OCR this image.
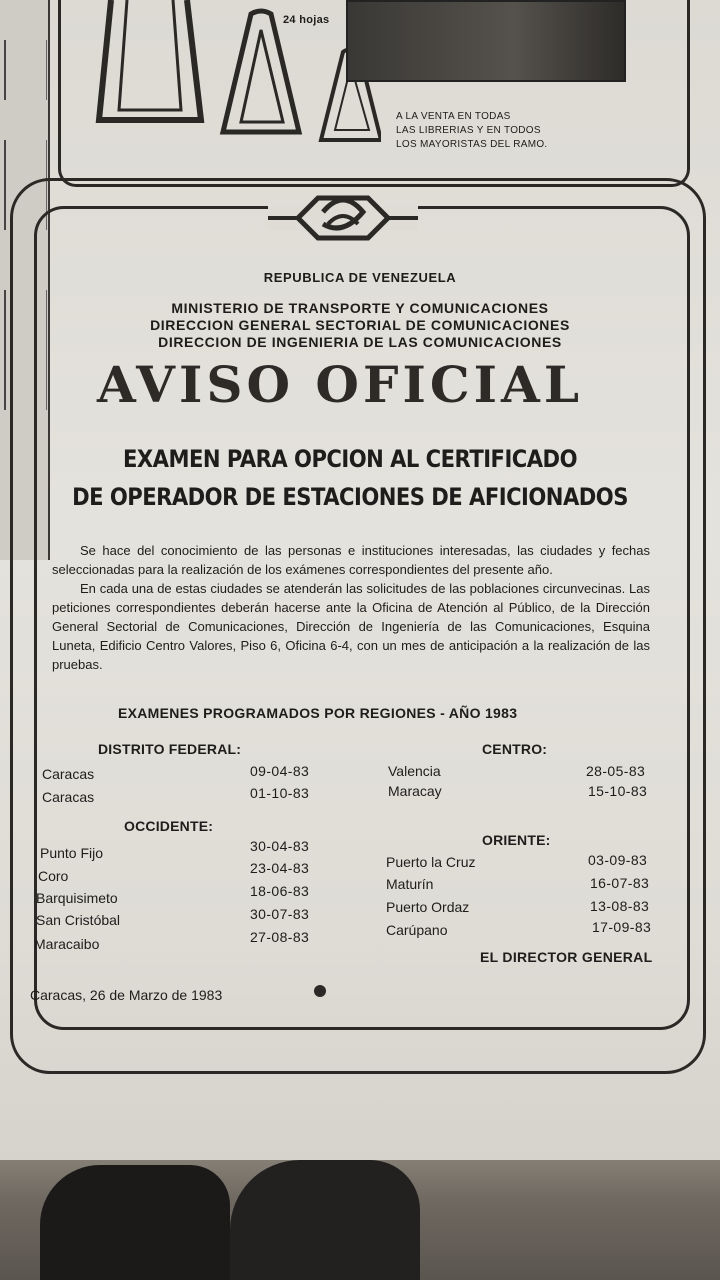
24 hojas
A LA VENTA EN TODAS
LAS LIBRERIAS Y EN TODOS
LOS MAYORISTAS DEL RAMO.
REPUBLICA DE VENEZUELA
MINISTERIO DE TRANSPORTE Y COMUNICACIONES
DIRECCION GENERAL SECTORIAL DE COMUNICACIONES
DIRECCION DE INGENIERIA DE LAS COMUNICACIONES
AVISO OFICIAL
EXAMEN PARA OPCION AL CERTIFICADO
DE OPERADOR DE ESTACIONES DE AFICIONADOS

Se hace del conocimiento de las personas e instituciones interesadas, las ciudades y fechas seleccionadas para la realización de los exámenes correspondientes del presente año.

En cada una de estas ciudades se atenderán las solicitudes de las poblaciones circunvecinas. Las peticiones correspondientes deberán hacerse ante la Oficina de Atención al Público, de la Dirección General Sectorial de Comunicaciones, Dirección de Ingeniería de las Comunicaciones, Esquina Luneta, Edificio Centro Valores, Piso 6, Oficina 6-4, con un mes de anticipación a la realización de las pruebas.

EXAMENES PROGRAMADOS POR REGIONES - AÑO 1983
DISTRITO FEDERAL:
Caracas	09-04-83
Caracas	01-10-83
CENTRO:
Valencia	28-05-83
Maracay	15-10-83
OCCIDENTE:
Punto Fijo	30-04-83
Coro	23-04-83
Barquisimeto	18-06-83
San Cristóbal	30-07-83
Maracaibo	27-08-83
ORIENTE:
Puerto la Cruz	03-09-83
Maturín	16-07-83
Puerto Ordaz	13-08-83
Carúpano	17-09-83
EL DIRECTOR GENERAL
Caracas, 26 de Marzo de 1983
